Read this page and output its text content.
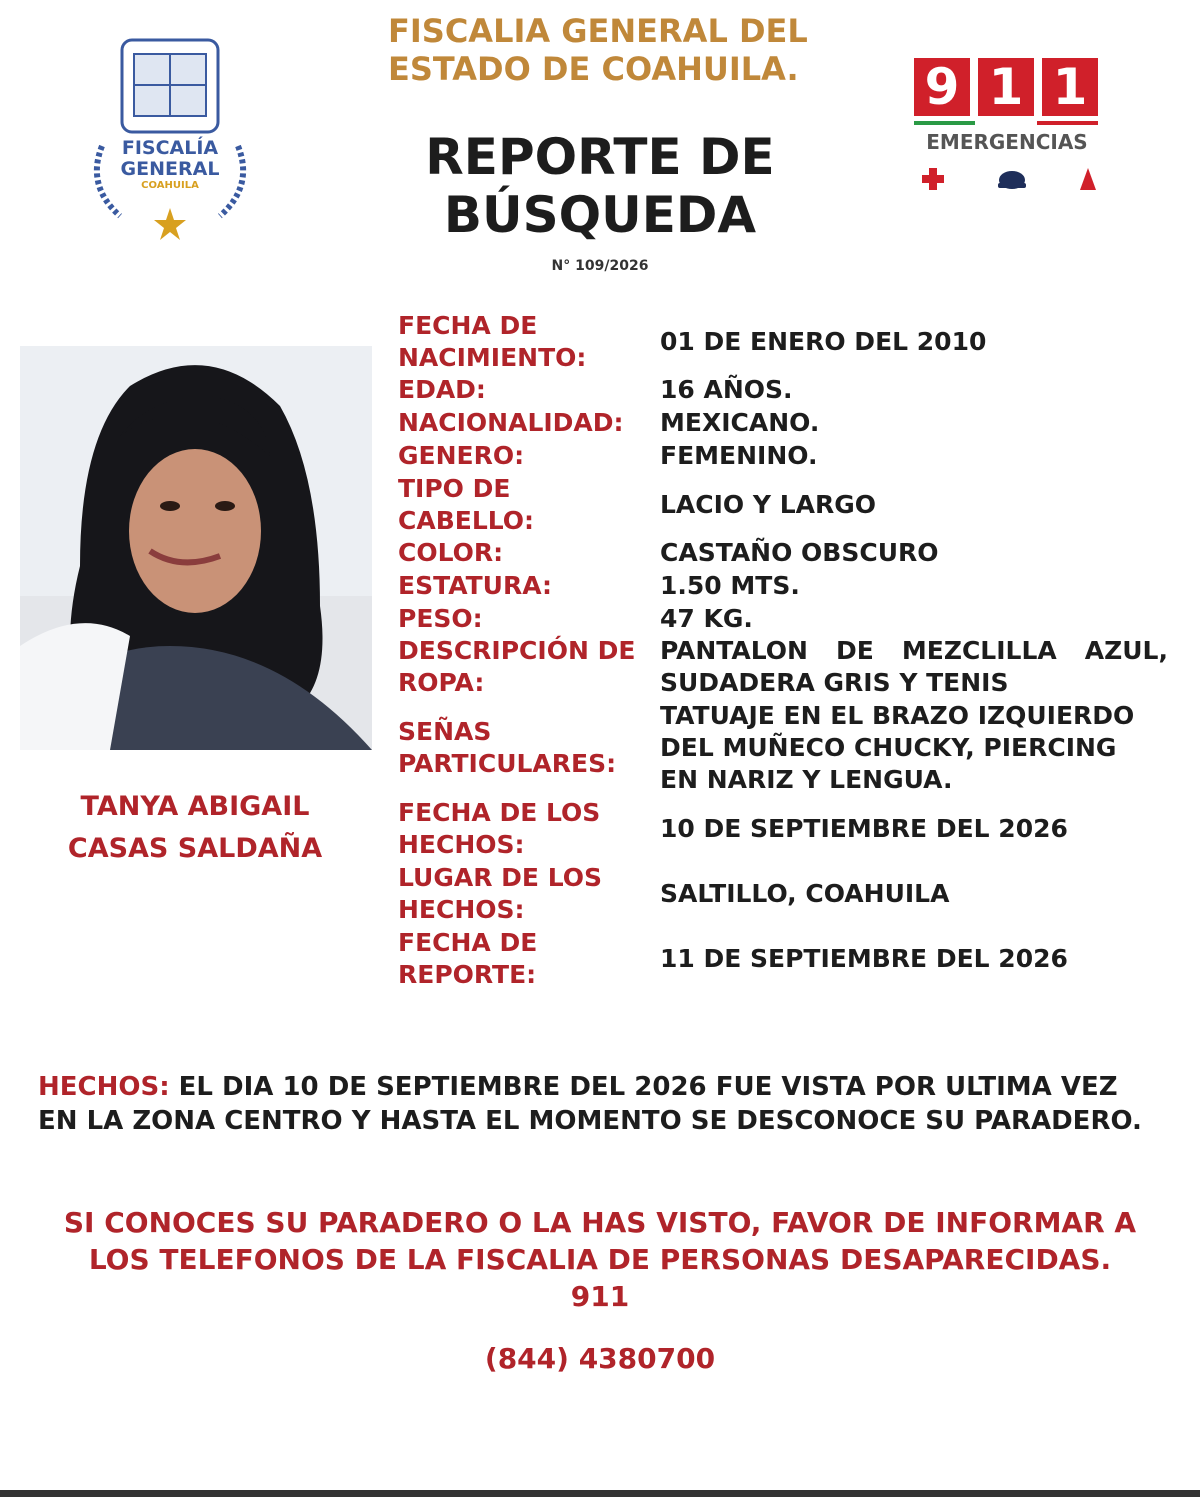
FISCALIA GENERAL DEL
ESTADO DE COAHUILA.
REPORTE DE
BÚSQUEDA
N° 109/2026
FISCALÍA
GENERAL
COAHUILA
9 1 1
EMERGENCIAS
TANYA ABIGAIL
CASAS SALDAÑA
FECHA DE
NACIMIENTO:
01 DE ENERO DEL 2010
EDAD:	16 AÑOS.
NACIONALIDAD:	MEXICANO.
GENERO:	FEMENINO.
TIPO DE
CABELLO:
LACIO Y LARGO
COLOR:	CASTAÑO OBSCURO
ESTATURA:	1.50 MTS.
PESO:	47 KG.
DESCRIPCIÓN DE
ROPA:
PANTALON DE MEZCLILLA AZUL,
SUDADERA GRIS Y TENIS
SEÑAS
PARTICULARES:
TATUAJE EN EL BRAZO IZQUIERDO
DEL MUÑECO CHUCKY, PIERCING
EN NARIZ Y LENGUA.
FECHA DE LOS
HECHOS:
10 DE SEPTIEMBRE DEL 2026
LUGAR DE LOS
HECHOS:
SALTILLO, COAHUILA
FECHA DE
REPORTE:
11 DE SEPTIEMBRE DEL 2026
HECHOS: EL DIA 10 DE SEPTIEMBRE DEL 2026 FUE VISTA POR ULTIMA VEZ EN LA ZONA CENTRO Y HASTA EL MOMENTO SE DESCONOCE SU PARADERO.
SI CONOCES SU PARADERO O LA HAS VISTO, FAVOR DE INFORMAR A
LOS TELEFONOS DE LA FISCALIA DE PERSONAS DESAPARECIDAS.
911
(844) 4380700
